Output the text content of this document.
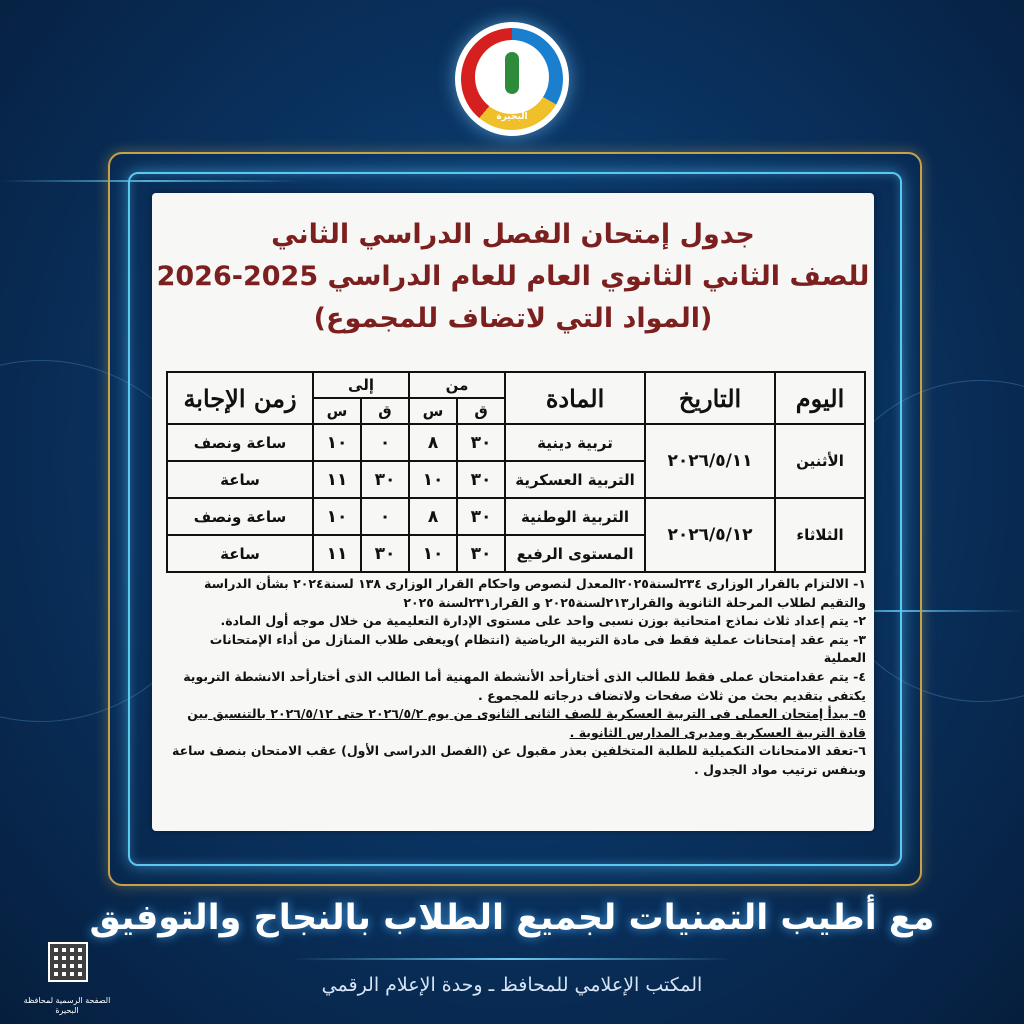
البحيرة
جدول إمتحان الفصل الدراسي الثاني
للصف الثاني الثانوي العام للعام الدراسي 2025-2026
(المواد التي لاتضاف للمجموع)
اليوم	التاريخ	المادة	من		إلى		زمن الإجابة
			ق	س	ق	س	
الأثنين	٢٠٢٦/٥/١١	تربية دينية	٣٠	٨	٠	١٠	ساعة ونصف
		التربية العسكرية	٣٠	١٠	٣٠	١١	ساعة
الثلاثاء	٢٠٢٦/٥/١٢	التربية الوطنية	٣٠	٨	٠	١٠	ساعة ونصف
		المستوى الرفيع	٣٠	١٠	٣٠	١١	ساعة

١- الالتزام بالقرار الوزارى ٢٣٤لسنة٢٠٢٥المعدل لنصوص واحكام القرار الوزارى ١٣٨ لسنة٢٠٢٤ بشأن الدراسة والتقيم لطلاب المرحلة الثانوية والقرار٢١٣لسنة٢٠٢٥ و القرار٢٣١لسنة ٢٠٢٥

٢- يتم إعداد ثلاث نماذج امتحانية بوزن نسبى واحد على مستوى الإدارة التعليمية من خلال موجه أول المادة.

٣- يتم عقد إمتحانات عملية فقط فى مادة التربية الرياضية (انتظام )ويعفى طلاب المنازل من أداء الإمتحانات العملية

٤- يتم عقدامتحان عملى فقط للطالب الذى أختارأحد الأنشطة المهنية أما الطالب الذى أختارأحد الانشطة التربوية يكتفى بتقديم بحث من ثلاث صفحات ولاتضاف درجاته للمجموع .

٥- يبدأ إمتحان العملى فى التربية العسكرية للصف الثانى الثانوى من يوم ٢٠٢٦/٥/٢ حتى ٢٠٢٦/٥/١٢ بالتنسيق بين قادة التربية العسكرية ومديرى المدارس الثانوية .

٦-تعقد الامتحانات التكميلية للطلبة المتخلفين بعذر مقبول عن (الفصل الدراسى الأول) عقب الامتحان بنصف ساعة وبنفس ترتيب مواد الجدول .

مع أطيب التمنيات لجميع الطلاب بالنجاح والتوفيق
المكتب الإعلامي للمحافظ ـ وحدة الإعلام الرقمي
الصفحة الرسمية لمحافظة البحيرة
